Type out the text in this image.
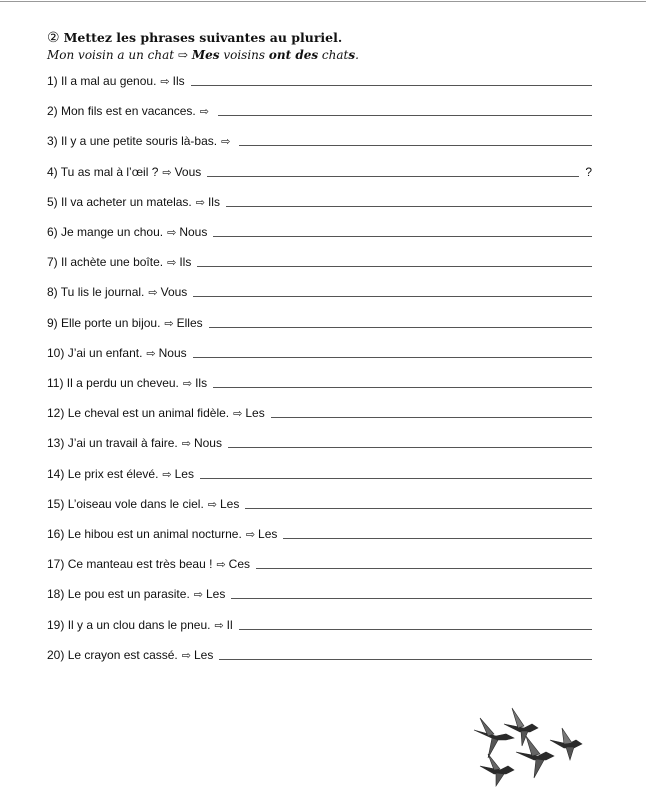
② Mettez les phrases suivantes au pluriel.
Mon voisin a un chat ⇨ Mes voisins ont des chats.
1) Il a mal au genou. ⇨ Ils
2) Mon fils est en vacances. ⇨
3) Il y a une petite souris là-bas. ⇨
4) Tu as mal à l’œil ? ⇨ Vous	?
5) Il va acheter un matelas. ⇨ Ils
6) Je mange un chou. ⇨ Nous
7) Il achète une boîte. ⇨ Ils
8) Tu lis le journal. ⇨ Vous
9) Elle porte un bijou. ⇨ Elles
10) J’ai un enfant. ⇨ Nous
11) Il a perdu un cheveu. ⇨ Ils
12) Le cheval est un animal fidèle. ⇨ Les
13) J’ai un travail à faire. ⇨ Nous
14) Le prix est élevé. ⇨ Les
15) L’oiseau vole dans le ciel. ⇨ Les
16) Le hibou est un animal nocturne. ⇨ Les
17) Ce manteau est très beau ! ⇨ Ces
18) Le pou est un parasite. ⇨ Les
19) Il y a un clou dans le pneu. ⇨ Il
20) Le crayon est cassé. ⇨ Les
